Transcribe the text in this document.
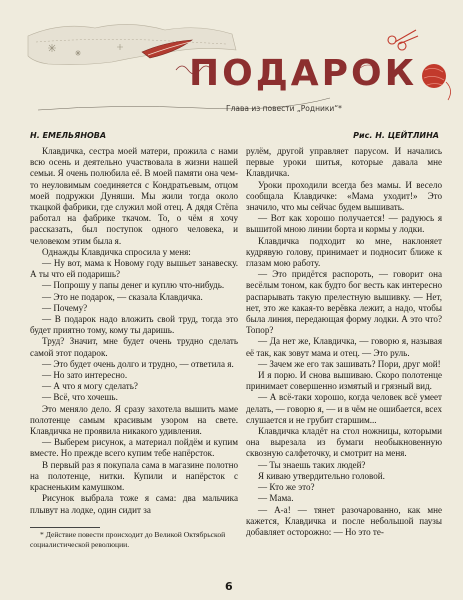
ПОДАРОК

Глава из повести „Родники“*

Н. ЕМЕЛЬЯНОВА	Рис. Н. ЦЕЙТЛИНА

Клавдичка, сестра моей матери, прожила с нами всю осень и деятельно участвовала в жизни нашей семьи. Я очень полюбила её. В моей памяти она чем-то неуловимым соединяется с Кондратьевым, отцом моей подружки Дуняши. Мы жили тогда около ткацкой фабрики, где служил мой отец. А дядя Стёпа работал на фабрике ткачом. То, о чём я хочу рассказать, был поступок одного человека, и человеком этим была я.

Однажды Клавдичка спросила у меня:

— Ну вот, мама к Новому году вышьет занавеску. А ты что ей подаришь?

— Попрошу у папы денег и куплю что-нибудь.

— Это не подарок, — сказала Клавдичка.

— Почему?

— В подарок надо вложить свой труд, тогда это будет приятно тому, кому ты даришь.

Труд? Значит, мне будет очень трудно сделать самой этот подарок.

— Это будет очень долго и трудно, — ответила я.

— Но зато интересно.

— А что я могу сделать?

— Всё, что хочешь.

Это меняло дело. Я сразу захотела вышить маме полотенце самым красивым узором на свете. Клавдичка не проявила никакого удивления.

— Выберем рисунок, а материал пойдём и купим вместе. Но прежде всего купим тебе напёрсток.

В первый раз я покупала сама в магазине полотно на полотенце, нитки. Купили и напёрсток с красненьким камушком.

Рисунок выбрала тоже я сама: два мальчика плывут на лодке, один сидит за

рулём, другой управляет парусом. И начались первые уроки шитья, которые давала мне Клавдичка.

Уроки проходили всегда без мамы. И весело сообщала Клавдичке: «Мама уходит!» Это значило, что мы сейчас будем вышивать.

— Вот как хорошо получается! — радуюсь я вышитой мною линии борта и кормы у лодки.

Клавдичка подходит ко мне, наклоняет кудрявую голову, принимает и подносит ближе к глазам мою работу.

— Это придётся распороть, — говорит она весёлым тоном, как будто бог весть как интересно распарывать такую прелестную вышивку. — Нет, нет, это же какая-то верёвка лежит, а надо, чтобы была линия, передающая форму лодки. А это что? Топор?

— Да нет же, Клавдичка, — говорю я, называя её так, как зовут мама и отец. — Это руль.

— Зачем же его так зашивать? Пори, друг мой!

И я порю. И снова вышиваю. Скоро полотенце принимает совершенно измятый и грязный вид.

— А всё-таки хорошо, когда человек всё умеет делать, — говорю я, — и в чём не ошибается, всех слушается и не грубит старшим...

Клавдичка кладёт на стол ножницы, которыми она вырезала из бумаги необыкновенную сквозную салфеточку, и смотрит на меня.

— Ты знаешь таких людей?

Я киваю утвердительно головой.

— Кто же это?

— Мама.

— А-а! — тянет разочарованно, как мне кажется, Клавдичка и после небольшой паузы добавляет осторожно: — Но это те-

* Действие повести происходит до Великой Октябрьской социалистической революции.

6
